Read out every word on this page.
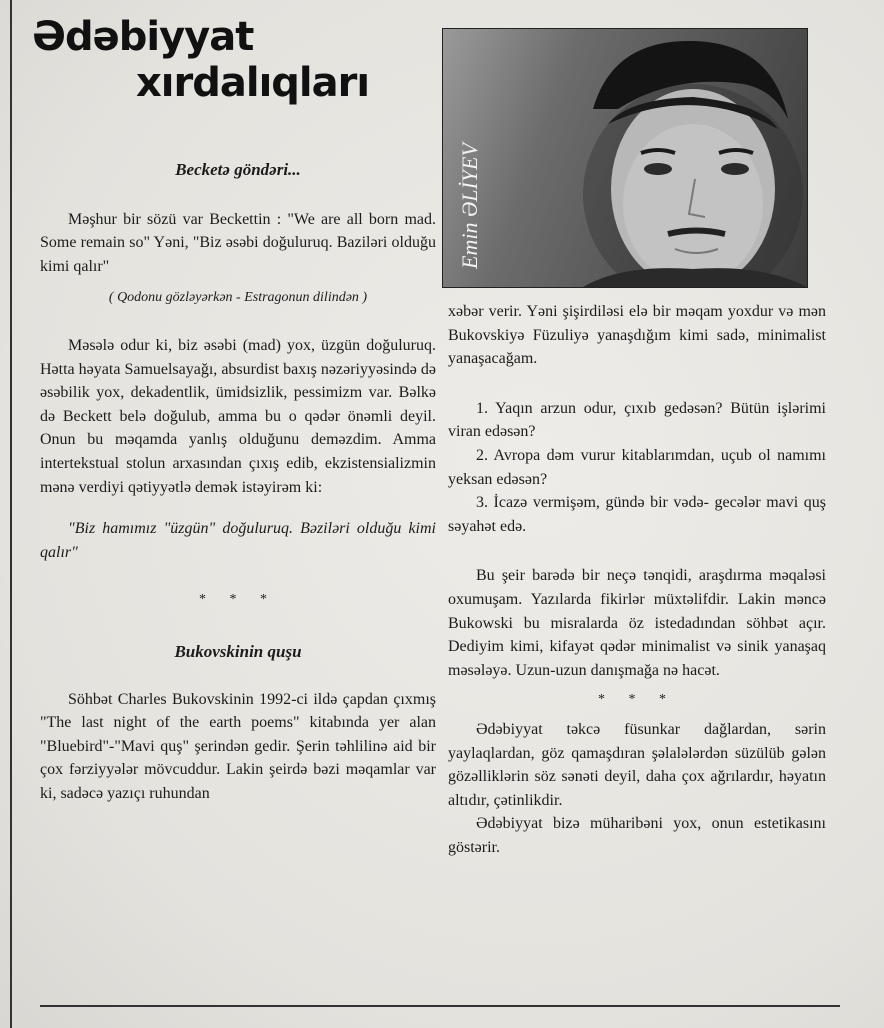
Ədəbiyyat
xırdalıqları
Emin ƏLİYEV

Becketə göndəri...

Məşhur bir sözü var Beckettin : "We are all born mad. Some remain so" Yəni, "Biz əsəbi doğuluruq. Baziləri olduğu kimi qalır"

( Qodonu gözləyərkən - Estragonun dilindən )

Məsələ odur ki, biz əsəbi (mad) yox, üzgün doğuluruq. Hətta həyata Samuelsayağı, absurdist baxış nəzəriyyəsində də əsəbilik yox, dekadentlik, ümidsizlik, pessimizm var. Bəlkə də Beckett belə doğulub, amma bu o qədər önəmli deyil. Onun bu məqamda yanlış olduğunu deməzdim. Amma intertekstual stolun arxasından çıxış edib, ekzistensializmin mənə verdiyi qətiyyətlə demək istəyirəm ki:

"Biz hamımız "üzgün" doğuluruq. Bəziləri olduğu kimi qalır"

* * *

Bukovskinin quşu

Söhbət Charles Bukovskinin 1992-ci ildə çapdan çıxmış "The last night of the earth poems" kitabında yer alan "Bluebird"-"Mavi quş" şerindən gedir. Şerin təhlilinə aid bir çox fərziyyələr mövcuddur. Lakin şeirdə bəzi məqamlar var ki, sadəcə yazıçı ruhundan

xəbər verir. Yəni şişirdiləsi elə bir məqam yoxdur və mən Bukovskiyə Füzuliyə yanaşdığım kimi sadə, minimalist yanaşacağam.

1. Yaqın arzun odur, çıxıb gedəsən? Bütün işlərimi viran edəsən?

2. Avropa dəm vurur kitablarımdan, uçub ol namımı yeksan edəsən?

3. İcazə vermişəm, gündə bir vədə- gecələr mavi quş səyahət edə.

Bu şeir barədə bir neçə tənqidi, araşdırma məqaləsi oxumuşam. Yazılarda fikirlər müxtəlifdir. Lakin məncə Bukowski bu misralarda öz istedadından söhbət açır. Dediyim kimi, kifayət qədər minimalist və sinik yanaşaq məsələyə. Uzun-uzun danışmağa nə hacət.

* * *

Ədəbiyyat təkcə füsunkar dağlardan, sərin yaylaqlardan, göz qamaşdıran şəlalələrdən süzülüb gələn gözəlliklərin söz sənəti deyil, daha çox ağrılardır, həyatın altıdır, çətinlikdir.

Ədəbiyyat bizə müharibəni yox, onun estetikasını göstərir.
